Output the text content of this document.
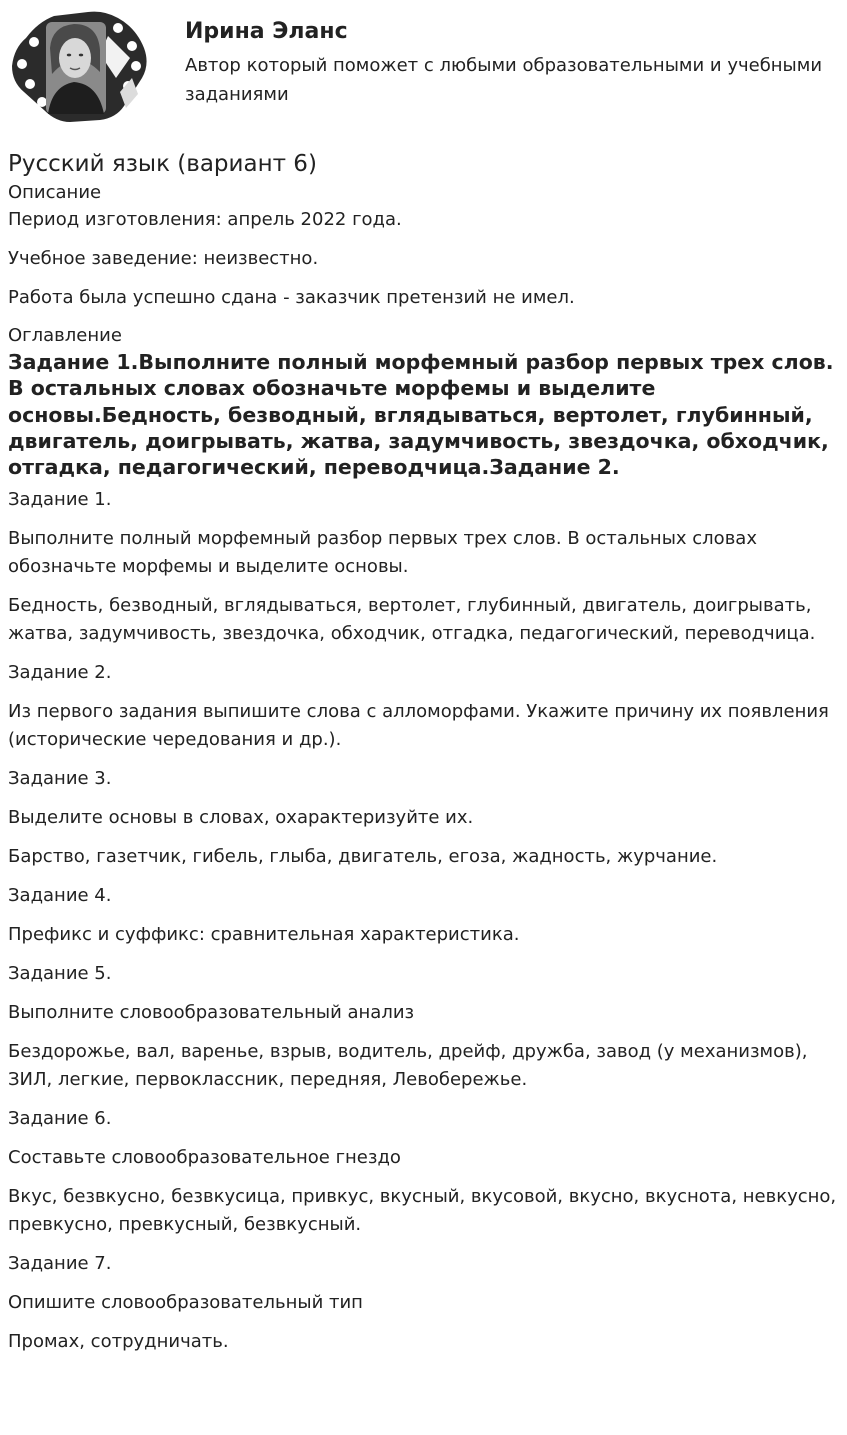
Ирина Эланс

Автор который поможет с любыми образовательными и учебными заданиями

Русский язык (вариант 6)
Описание

Период изготовления: апрель 2022 года.

Учебное заведение: неизвестно.

Работа была успешно сдана - заказчик претензий не имел.

Оглавление
Задание 1.Выполните полный морфемный разбор первых трех слов. В остальных словах обозначьте морфемы и выделите основы.Бедность, безводный, вглядываться, вертолет, глубинный, двигатель, доигрывать, жатва, задумчивость, звездочка, обходчик, отгадка, педагогический, переводчица.Задание 2.

Задание 1.

Выполните полный морфемный разбор первых трех слов. В остальных словах обозначьте морфемы и выделите основы.

Бедность, безводный, вглядываться, вертолет, глубинный, двигатель, доигрывать, жатва, задумчивость, звездочка, обходчик, отгадка, педагогический, переводчица.

Задание 2.

Из первого задания выпишите слова с алломорфами. Укажите причину их появления (исторические чередования и др.).

Задание 3.

Выделите основы в словах, охарактеризуйте их.

Барство, газетчик, гибель, глыба, двигатель, егоза, жадность, журчание.

Задание 4.

Префикс и суффикс: сравнительная характеристика.

Задание 5.

Выполните словообразовательный анализ

Бездорожье, вал, варенье, взрыв, водитель, дрейф, дружба, завод (у механизмов), ЗИЛ, легкие, первоклассник, передняя, Левобережье.

Задание 6.

Составьте словообразовательное гнездо

Вкус, безвкусно, безвкусица, привкус, вкусный, вкусовой, вкусно, вкуснота, невкусно, превкусно, превкусный, безвкусный.

Задание 7.

Опишите словообразовательный тип

Промах, сотрудничать.
